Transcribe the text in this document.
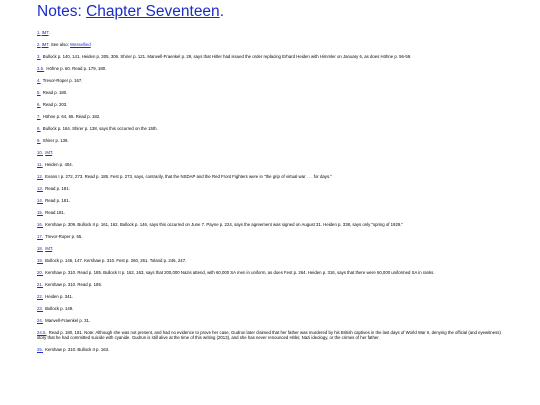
Notes: Chapter Seventeen.

1.IMT.

2.IMT. See also: Wessellied

3. Bullock p. 140, 141. Heiden p. 305, 306. Shirer p. 121. Manvell-Fraenkel p. 29, says that Hitler had issued the order replacing Erhard Heiden with Himmler on January 6, as does Höhne p. 56-59.

3.5. Höhne p. 60. Read p. 179, 180.

4. Trevor-Roper p. 167.

5. Read p. 180.

6. Read p. 203.

7. Höhne p. 64, 65. Read p. 182.

8. Bullock p. 164. Shirer p. 138, says this occurred on the 15th.

9. Shirer p. 139.

10. IMT.

11. Heiden p. 404.

12. Evans I p. 272, 273. Read p. 185. Fest p. 273, says, contrarily, that the NSDAP and the Red Front Fighters were in "the grip of virtual war . . . for days."

13. Read p. 181.

14. Read p. 181.

15. Read 181.

16. Kershaw p. 309. Bullock II p. 161, 162. Bullock p. 146, says this occurred on June 7. Payne p. 224, says the agreement was signed on August 31. Heiden p. 338, says only "spring of 1929."

17. Trevor-Roper p. 65.

18. IMT.

19. Bullock p. 146, 147. Kershaw p. 310. Fest p. 260, 261. Toland p. 246, 247.

20. Kershaw p. 310. Read p. 185. Bullock II p. 162, 163, says that 200,000 Nazis attend, with 60,000 SA men in uniform, as does Fest p. 264. Heiden p. 316, says that there were 60,000 uniformed SA in ranks.

21. Kershaw p. 310. Read p. 185.

22. Heiden p. 341.

23. Bullock p. 149.

24. Manvell-Fraenkel p. 31.

24.5. Read p. 180, 181. Note: Although she was not present, and had no evidence to prove her case, Gudrun later claimed that her father was murdered by his British captives in the last days of World War II, denying the official (and eyewitness) story that he had committed suicide with cyanide. Gudrun is still alive at the time of this writing (2013), and she has never renounced Hitler, Nazi ideology, or the crimes of her father.

25. Kershaw p. 310. Bullock II p. 163.
